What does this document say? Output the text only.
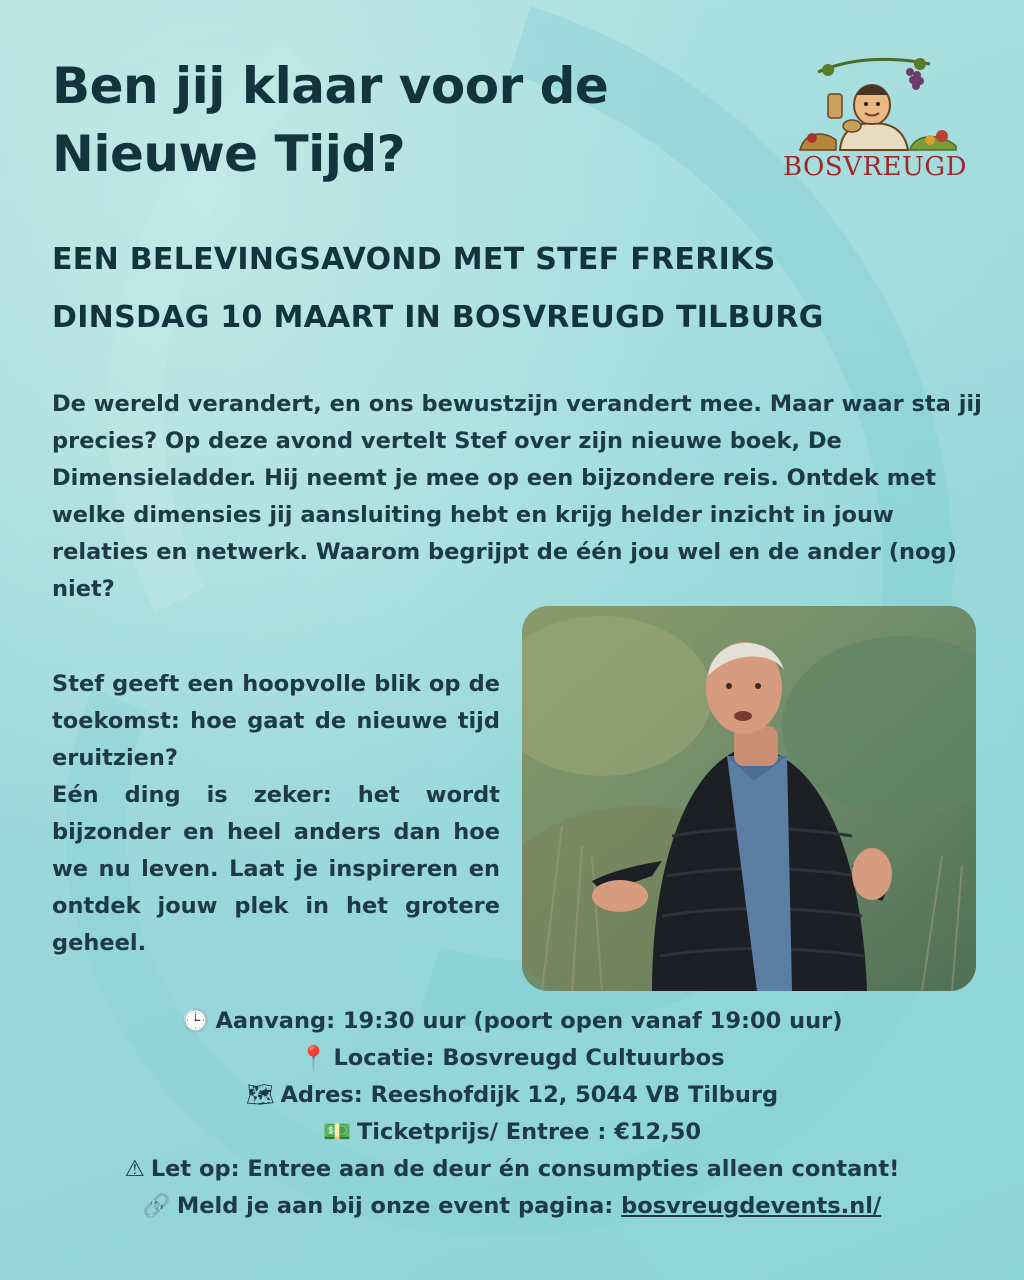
Ben jij klaar voor de Nieuwe Tijd?	BOSVREUGD
EEN BELEVINGSAVOND MET STEF FRERIKS
DINSDAG 10 MAART IN BOSVREUGD TILBURG

De wereld verandert, en ons bewustzijn verandert mee. Maar waar sta jij precies? Op deze avond vertelt Stef over zijn nieuwe boek, De Dimensieladder. Hij neemt je mee op een bijzondere reis. Ontdek met welke dimensies jij aansluiting hebt en krijg helder inzicht in jouw relaties en netwerk. Waarom begrijpt de één jou wel en de ander (nog) niet?

Stef geeft een hoopvolle blik op de toekomst: hoe gaat de nieuwe tijd eruitzien?
Eén ding is zeker: het wordt bijzonder en heel anders dan hoe we nu leven. Laat je inspireren en ontdek jouw plek in het grotere geheel.
🕒 Aanvang: 19:30 uur (poort open vanaf 19:00 uur)
📍 Locatie: Bosvreugd Cultuurbos
🗺 Adres: Reeshofdijk 12, 5044 VB Tilburg
💵 Ticketprijs/ Entree : €12,50
⚠ Let op: Entree aan de deur én consumpties alleen contant!
🔗 Meld je aan bij onze event pagina: bosvreugdevents.nl/
